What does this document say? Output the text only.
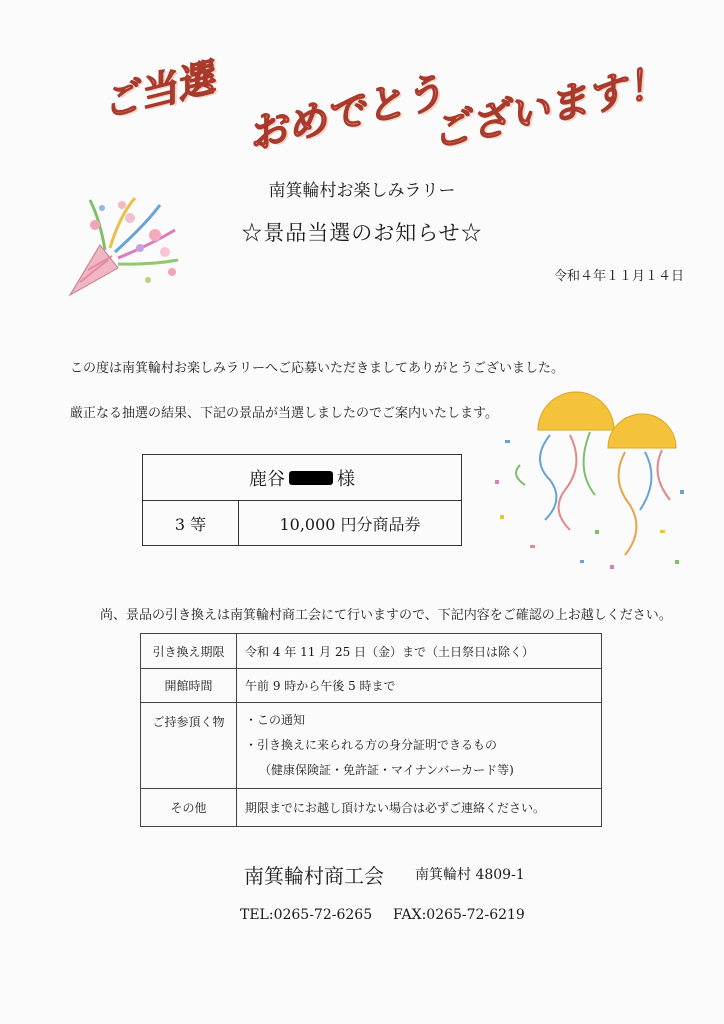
ご当選 おめでとう
ございます！
南箕輪村お楽しみラリー
☆景品当選のお知らせ☆
令和４年１１月１４日
この度は南箕輪村お楽しみラリーへご応募いただきましてありがとうございました。
厳正なる抽選の結果、下記の景品が当選しましたのでご案内いたします。
鹿谷	様
3 等	10,000 円分商品券
尚、景品の引き換えは南箕輪村商工会にて行いますので、下記内容をご確認の上お越しください。
引き換え期限	令和 4 年 11 月 25 日（金）まで（土日祭日は除く）
開館時間	午前 9 時から午後 5 時まで
ご持参頂く物	・この通知
・引き換えに来られる方の身分証明できるもの
（健康保険証・免許証・マイナンバーカード等)

その他	期限までにお越し頂けない場合は必ずご連絡ください。
南箕輪村商工会 南箕輪村 4809-1
TEL:0265-72-6265 FAX:0265-72-6219
